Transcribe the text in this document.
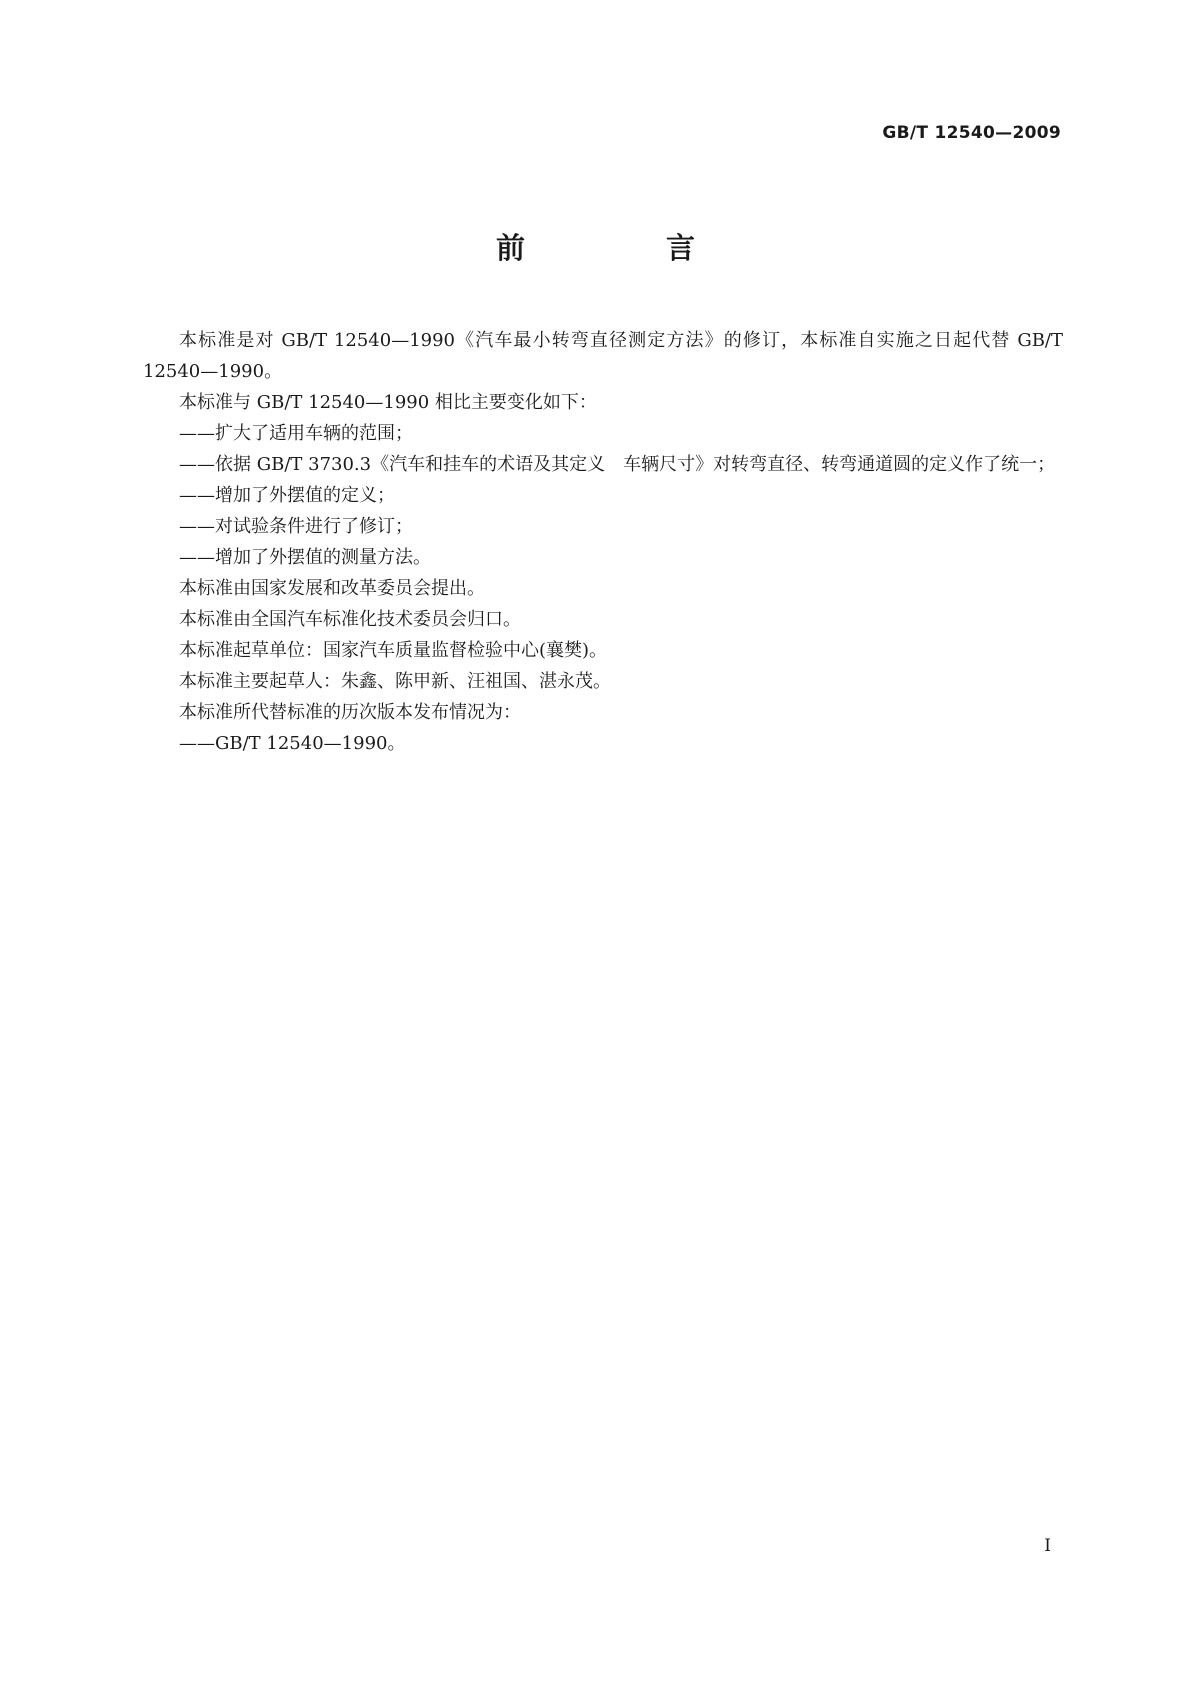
GB/T 12540—2009
前　言

本标准是对 GB/T 12540—1990《汽车最小转弯直径测定方法》的修订，本标准自实施之日起代替 GB/T 12540—1990。

本标准与 GB/T 12540—1990 相比主要变化如下：

——扩大了适用车辆的范围；

——依据 GB/T 3730.3《汽车和挂车的术语及其定义　车辆尺寸》对转弯直径、转弯通道圆的定义作了统一；

——增加了外摆值的定义；

——对试验条件进行了修订；

——增加了外摆值的测量方法。

本标准由国家发展和改革委员会提出。

本标准由全国汽车标准化技术委员会归口。

本标准起草单位：国家汽车质量监督检验中心(襄樊)。

本标准主要起草人：朱鑫、陈甲新、汪祖国、湛永茂。

本标准所代替标准的历次版本发布情况为：

——GB/T 12540—1990。

I
